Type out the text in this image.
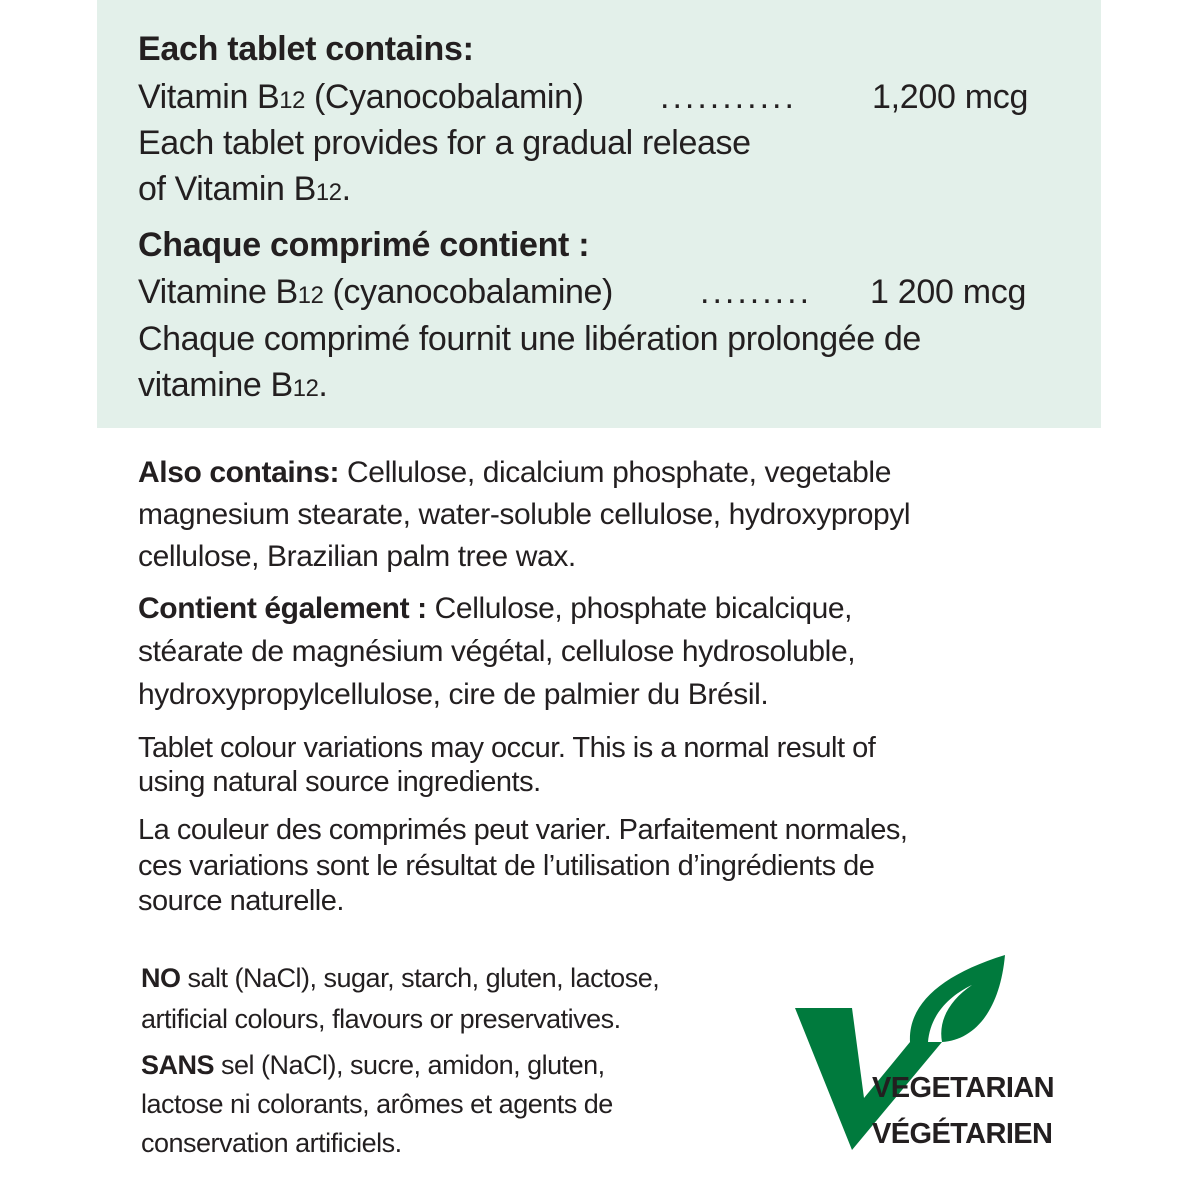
Each tablet contains:
Vitamin B12 (Cyanocobalamin) ........... 1,200 mcg
Each tablet provides for a gradual release
of Vitamin B12.
Chaque comprimé contient :
Vitamine B12 (cyanocobalamine)	......... 1 200 mcg
Chaque comprimé fournit une libération prolongée de
vitamine B12.
Also contains: Cellulose, dicalcium phosphate, vegetable
magnesium stearate, water-soluble cellulose, hydroxypropyl
cellulose, Brazilian palm tree wax.
Contient également : Cellulose, phosphate bicalcique,
stéarate de magnésium végétal, cellulose hydrosoluble,
hydroxypropylcellulose, cire de palmier du Brésil.
Tablet colour variations may occur. This is a normal result of
using natural source ingredients.
La couleur des comprimés peut varier. Parfaitement normales,
ces variations sont le résultat de l’utilisation d’ingrédients de
source naturelle.
NO salt (NaCl), sugar, starch, gluten, lactose,
artificial colours, flavours or preservatives.
SANS sel (NaCl), sucre, amidon, gluten,
lactose ni colorants, arômes et agents de
conservation artificiels.
VEGETARIAN
VÉGÉTARIEN
